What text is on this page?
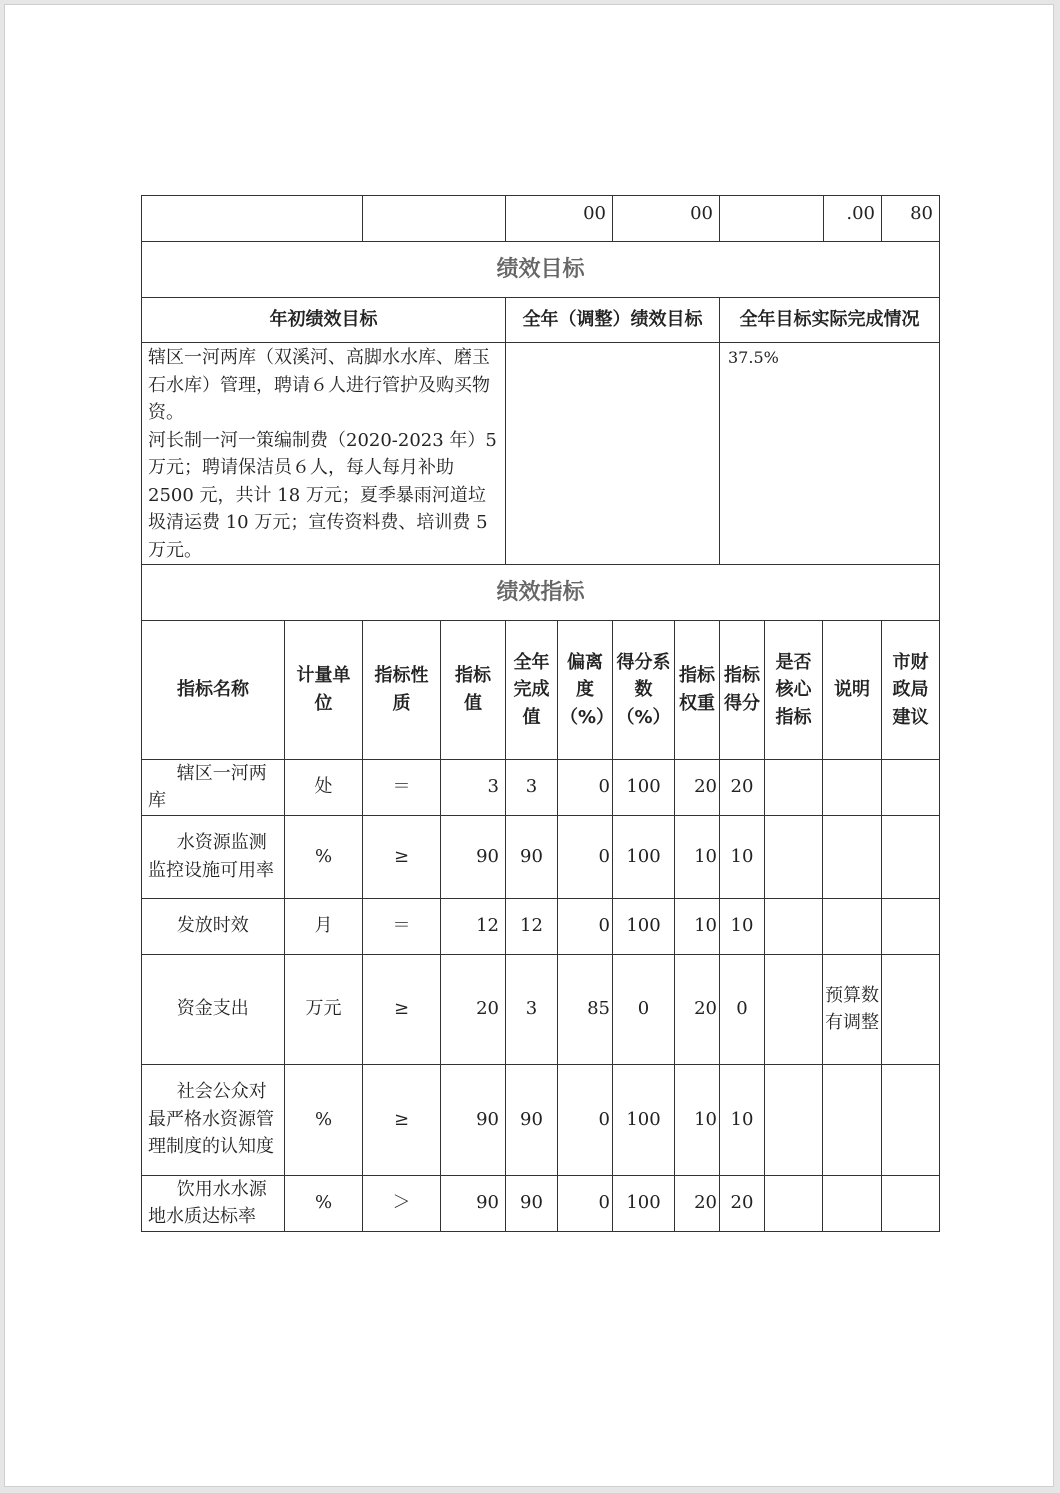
		00	00		.00	80
绩效目标						
年初绩效目标		全年（调整）绩效目标		全年目标实际完成情况		

辖区一河两库（双溪河、高脚水水库、磨玉石水库）管理，聘请６人进行管护及购买物资。
河长制一河一策编制费（2020-2023 年）5 万元；聘请保洁员６人，每人每月补助 2500 元，共计 18 万元；夏季暴雨河道垃圾清运费 10 万元；宣传资料费、培训费 5 万元。				37.5%		
绩效指标						
指标名称	计量单位	指标性质	指标值	全年完成值	偏离度（%）	得分系数（%）	指标权重	指标得分	是否核心指标	说明	市财政局建议
辖区一河两库	处	＝	3	3	0	100	20	20			
水资源监测监控设施可用率	%	≥	90	90	0	100	10	10			
发放时效	月	＝	12	12	0	100	10	10			
资金支出	万元	≥	20	3	85	0	20	0		预算数有调整	
社会公众对最严格水资源管理制度的认知度	%	≥	90	90	0	100	10	10			
饮用水水源地水质达标率	%	＞	90	90	0	100	20	20			
